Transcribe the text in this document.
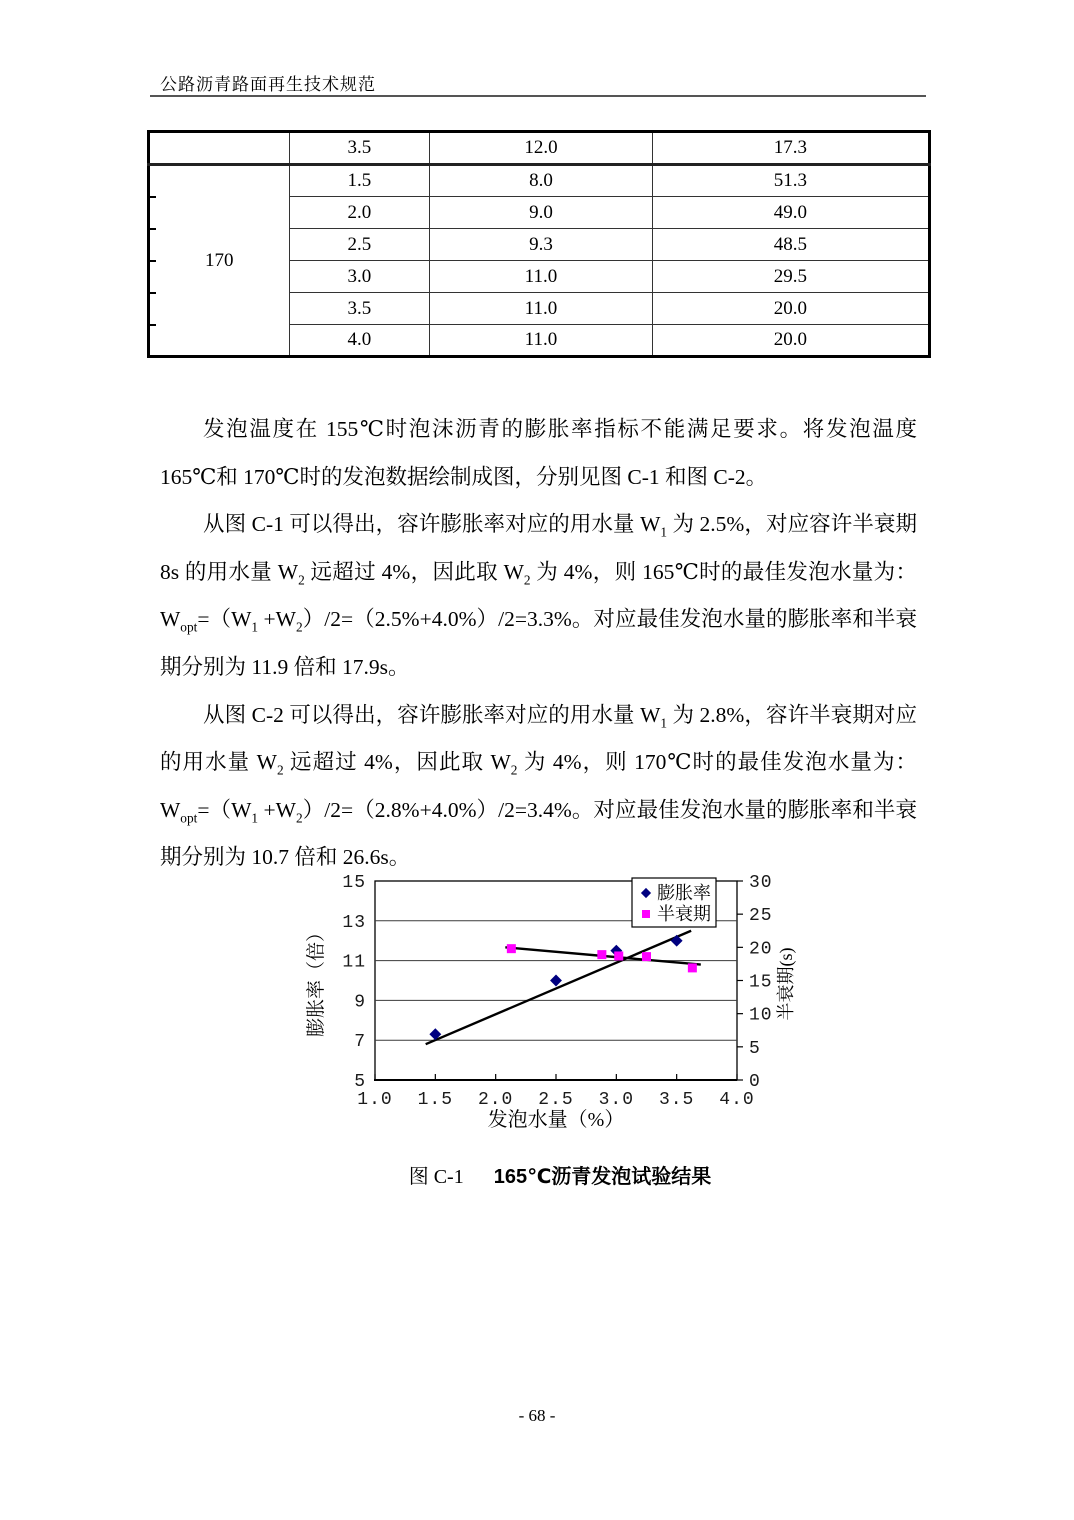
公路沥青路面再生技术规范
	3.5	12.0	17.3
170	1.5	8.0	51.3
	2.0	9.0	49.0
	2.5	9.3	48.5
	3.0	11.0	29.5
	3.5	11.0	20.0
	4.0	11.0	20.0

发泡温度在 155℃时泡沫沥青的膨胀率指标不能满足要求。将发泡温度 165℃和 170℃时的发泡数据绘制成图，分别见图 C-1 和图 C-2。

从图 C-1 可以得出，容许膨胀率对应的用水量 $W_1$ 为 2.5%，对应容许半衰期 8s 的用水量 $W_2$ 远超过 4%，因此取 $W_2$ 为 4%，则 165℃时的最佳发泡水量为：$W_{opt}=(W_1 +W_2)/2=(2.5\%+4.0\%)/2=3.3\%$。对应最佳发泡水量的膨胀率和半衰期分别为 11.9 倍和 17.9s。

从图 C-2 可以得出，容许膨胀率对应的用水量 $W_1$ 为 2.8%，容许半衰期对应的用水量 $W_2$ 远超过 4%，因此取 $W_2$ 为 4%，则 170℃时的最佳发泡水量为：$W_{opt}=(W_1 +W_2)/2=(2.8\%+4.0\%)/2=3.4\%$。对应最佳发泡水量的膨胀率和半衰期分别为 10.7 倍和 26.6s。

1.0 1.5 2.0 2.5 3.0 3.5 4.0
5
7
9
11
13
15
0
5
10
15
20
25
30
膨胀率（倍）	半衰期(s)
发泡水量（%）
膨胀率
半衰期
图 C-1 165℃沥青发泡试验结果
- 68 -
